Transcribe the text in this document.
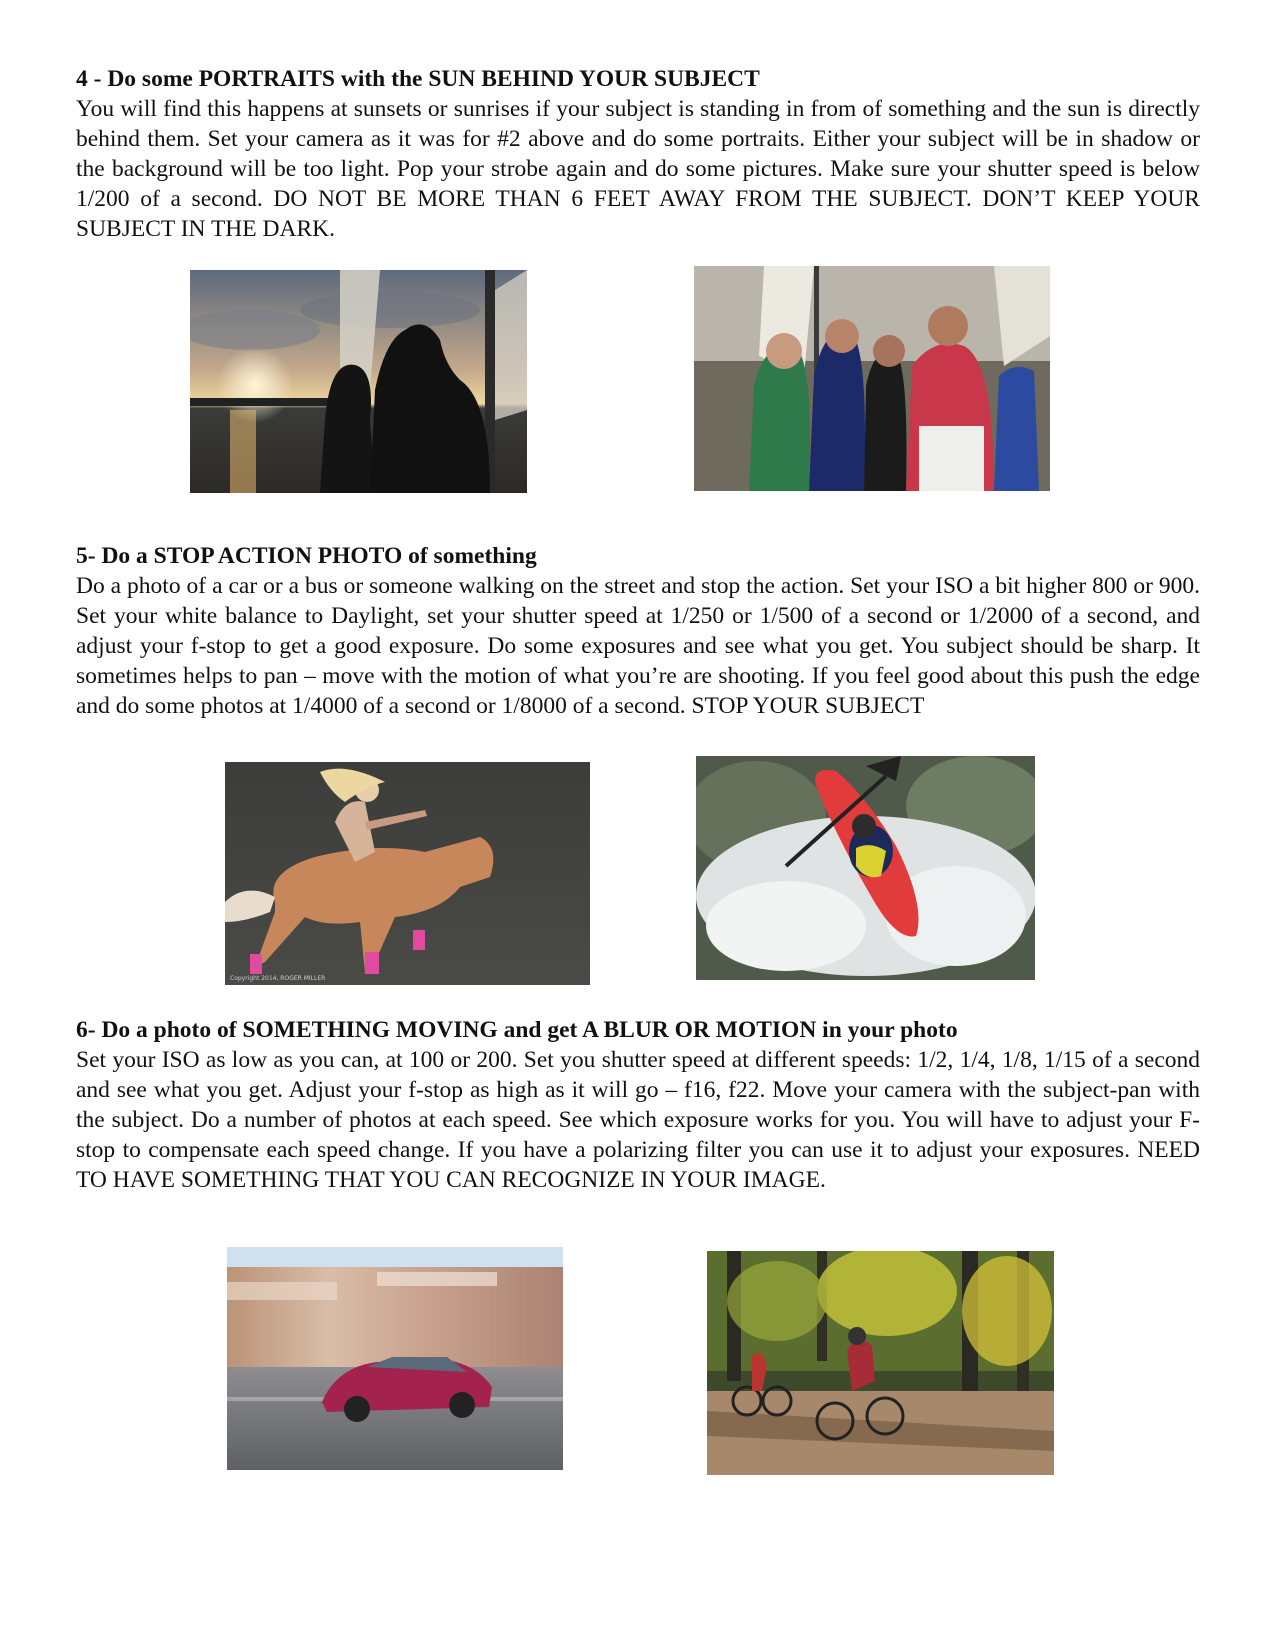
4 - Do some PORTRAITS with the SUN BEHIND YOUR SUBJECT

You will find this happens at sunsets or sunrises if your subject is standing in from of something and the sun is directly behind them. Set your camera as it was for #2 above and do some portraits. Either your subject will be in shadow or the background will be too light. Pop your strobe again and do some pictures. Make sure your shutter speed is below 1/200 of a second. DO NOT BE MORE THAN 6 FEET AWAY FROM THE SUBJECT. DON’T KEEP YOUR SUBJECT IN THE DARK.

5- Do a STOP ACTION PHOTO of something

Do a photo of a car or a bus or someone walking on the street and stop the action. Set your ISO a bit higher 800 or 900. Set your white balance to Daylight, set your shutter speed at 1/250 or 1/500 of a second or 1/2000 of a second, and adjust your f-stop to get a good exposure. Do some exposures and see what you get. You subject should be sharp. It sometimes helps to pan – move with the motion of what you’re are shooting. If you feel good about this push the edge and do some photos at 1/4000 of a second or 1/8000 of a second. STOP YOUR SUBJECT

Copyright 2014, ROGER MILLER

6- Do a photo of SOMETHING MOVING and get A BLUR OR MOTION in your photo

Set your ISO as low as you can, at 100 or 200. Set you shutter speed at different speeds: 1/2, 1/4, 1/8, 1/15 of a second and see what you get. Adjust your f-stop as high as it will go – f16, f22. Move your camera with the subject-pan with the subject. Do a number of photos at each speed. See which exposure works for you. You will have to adjust your F-stop to compensate each speed change. If you have a polarizing filter you can use it to adjust your exposures. NEED TO HAVE SOMETHING THAT YOU CAN RECOGNIZE IN YOUR IMAGE.
